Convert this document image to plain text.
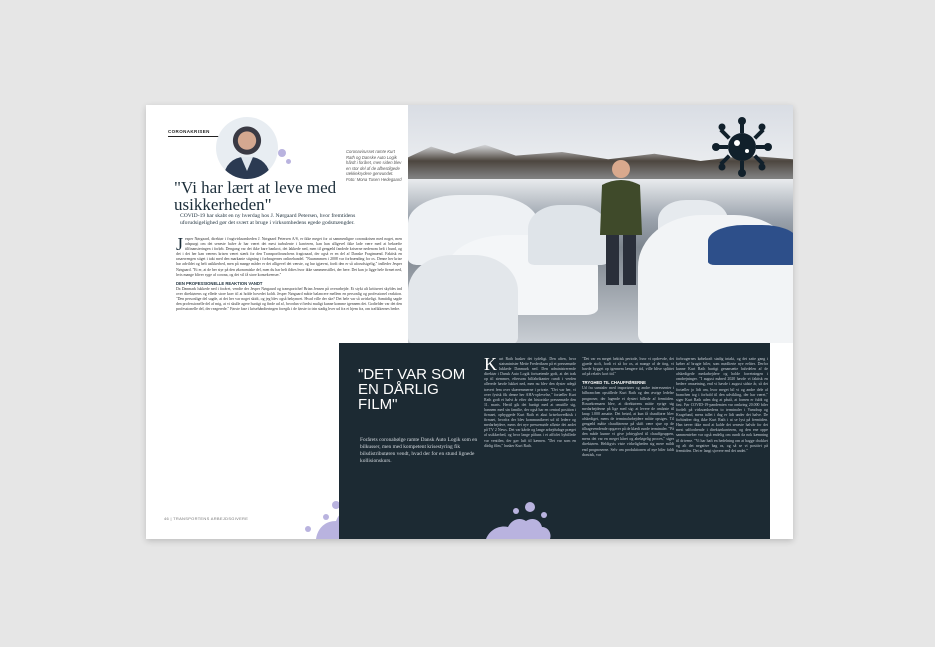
CORONAKRISEN
Coronavirusset ramte Kurt Rath og Danske Auto Logik hårdt i foråret, men siden blev en stor del af de afbestilgede rækkekrydere genvundet. Foto: Mona Tusen Hedegaard
"Vi har lært at leve med usikkerheden"
COVID-19 har skabt en ny hverdag hos J. Nørgaard Petersen, hvor fremtidens uforudsigelighed gør det svært at bruge i virksomhedens egede godsmængder.
J esper Nørgaard, direktør i fragtvirksomheden J. Nørgaard Petersen A/S, er ikke meget for at sammenligne coronakrisen med noget, men adspurgt om det seneste halve år har været det mest turbulente i karrieren, kan han alligevel ikke lade være med at bekræfte tilfinansieringen i forløb. Dengang var det ikke bare bankrot, det lakkede ned, men til gengæld fandede kriserne nedenom helt i bund, og det i det her kan værens krisen været stærk for den Transportbranchens fragtraaad, der også er en del af Danske Fragtmænd. Faktisk en rasaerrengen stiget i takt med den markante stigning i forbrugernes onlinehandel. "Nuummmen i 2008 var forbrænding for os. Denne her krise har advildet og helt usikkerhed, men på mange måder er det alligevel det værste, og har igjævnt, fordi den er så uforudsigelig," indleder Jesper Nørgaard. "Et er, at de her styr på den økonomiske del, men du har helt ildtes hvor ikke sammenstillet, der here. Det kan jo ligge hele firmet ned, hvis mange bliver syge af corona, og det vil få store konsekvenser."
DEN PROFESSIONELLE REAKTION VANDT
Da Danmark lukkede ned i foråret, vendte der Jesper Nørgaard og transportchef Brian Jensen på overarbejde. Et stykt alt kritiseret skyldes ind over direktørens og ellede store krav til at holde hovedet koldt. Jesper Nørgaard måtte balancere mellem en personlig og professionel reaktion. "Den personlige del sagde, at det her var noget skidt, og jeg blev også bekymret. Hvad ville der ske? Det hele var så uvirkeligt. Samtidig sagde den professionelle del af mig, at vi skulle agere hurtigt og finde ud af, hvordan vi bedst muligt kunne komme igennem det. Godtelder var det den professionelle del, der reagerede." Første fase i krisehåndteringen foregik i de første to trin stadig hver ud fra et hjem fra, om trafikkernes bedre.
46 | TRANSPORTENS ARBEJDSGIVERE
"DET VAR SOM EN DÅRLIG FILM"
Forårets coronabølge ramte Dansk Auto Logik som en bilkusser, men med kompetent krisestyring fik bilsdistributøren vendt, hvad der for en stund lignede kollisionskurs.
K urt Rath husker det tydeligt. Den aften, hvor statsminister Mette Frederiksen på et pressemøde lukkede Danmark ned. Den administrerende direktør i Dansk Auto Logik fortsætende godt, at det trak op til stemmer, eftersom bilfabrikanter rundt i verden allerede havde lukket ned, men nu blev den dyster adegå travert fem over skæremmerne i private. "Det var her, vi over fysisk fik denne her AHA-oplevelse," fortæller Kurt Rath godt et halvt år efter det historiske pressemøde den 11. marts. Hertil gik det hurtigt med at omstille sig, hannem med sin familie, der også har en central position i firmaet, opbyggede Kurt Rath et akut krisehovedkisk i firmaet, hvorfra der blev kommunikeret ud til ledere og medarbejdere, mens det nye pressemøde afløste det andet på TV 2 News. Det var kårde og lange arbejdsdage præget af usikkerhed, og hvor lange påfuns i et afficlet bybillede var ventilen, der gav luft til kæmen. "Det var som en dårlig film," husker Kurt Rath.
"Det var en meget hektisk periode, hvor vi opdrevde, det gjaede stoft, fordi vi så for os, at mange af de ting, vi havde bygget op igennem længere tid, ville blive splittet ad på relativ kort tid."
TRYGHED TIL CHAUFFØRERNE
Ud fra samtaler med importører og andre interessenter i bilbranchen opstillede Kurt Rath og den øvrige ledelse prognoser, der lagende et dystert billede af fremtiden. Rosaekremaen blev, at direktørens mätte syrige sig medarbejderne på lige med sig: at levere de omløste til knap 1.000 ansatte. Det betød, at kun få chauffører blev afskediget, mens de terminalarbejdere måtte opsiges. Til gengæld måtte chaufførerne på skift være sjue op de tilbagevendende opgaver på de klædt runde terminaler. "På den måde kunne vi give jobtryghed til chauffgruppen, mens det var en meget kåret og abeløgelig proces," siger direktøren. Heldigvis viste virkeligheden sig mere mildt end prognoserne. Selv om produktionen af nye biler faldt drastisk, var
forbrugernes købekraft stadig intakt, og det satte gang i køber af brugte biler, som mødlierte nye eeltter. Derfor kunne Kurt Rath hurtigt genansætte halvdelen af de afskedigede medarbejdere og holde forretningen i omdrejninger. "I august måned 2020 havde vi faktisk en bedere omsætning, end vi havde i august sidste år, så det fortæller jo lidt om, hvor meget bil vi og andre dele af branchen tog i forhold til den udvikling, der har været," siger Kurt Rath uden dog at påstå, at fornen er fuldt og fast. Før COVID-19-pandemien var omkring 20.000 biler fordelt på virksomhedens to terminaler i Vamdrup og Kragelund, mens tallet i dag er lidt under det halve. De forhindrer dog ikke Kurt Rath i at se lyst på fremtiden. Han tæver ikke mod at kalde det seneste halvår for det mest udfordrende i direktørkarrieren, og den ene oppe sammenteber var også endelig om rundt da nok kæmning til drivene. "Vi har haft en hedelning om at bagge chokket og alt det negative bag os, og så se vi positivt på fremtiden. Det er langt sjovere end det andet."
